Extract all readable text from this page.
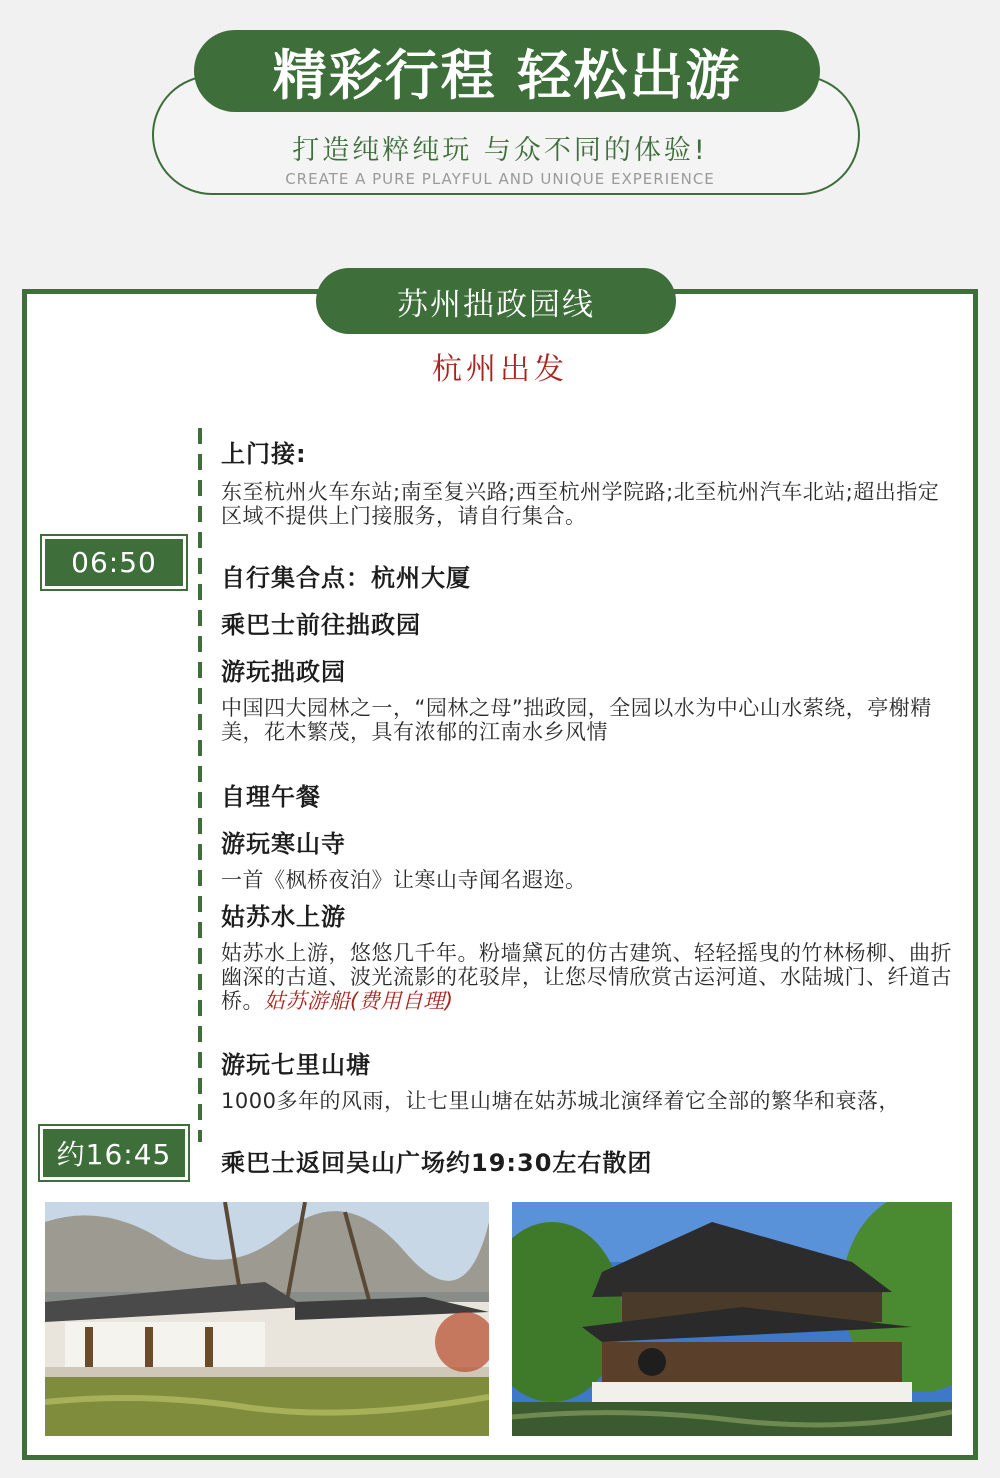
精彩行程 轻松出游
打造纯粹纯玩 与众不同的体验!
CREATE A PURE PLAYFUL AND UNIQUE EXPERIENCE
苏州拙政园线
杭州出发
06:50
约16:45
上门接:
东至杭州火车东站;南至复兴路;西至杭州学院路;北至杭州汽车北站;超出指定区域不提供上门接服务，请自行集合。
自行集合点：杭州大厦
乘巴士前往拙政园
游玩拙政园
中国四大园林之一，“园林之母”拙政园，全园以水为中心山水萦绕，亭榭精美，花木繁茂，具有浓郁的江南水乡风情
自理午餐
游玩寒山寺
一首《枫桥夜泊》让寒山寺闻名遐迩。
姑苏水上游
姑苏水上游，悠悠几千年。粉墙黛瓦的仿古建筑、轻轻摇曳的竹林杨柳、曲折幽深的古道、波光流影的花驳岸，让您尽情欣赏古运河道、水陆城门、纤道古桥。姑苏游船(费用自理)
游玩七里山塘
1000多年的风雨，让七里山塘在姑苏城北演绎着它全部的繁华和衰落，
乘巴士返回吴山广场约19:30左右散团
